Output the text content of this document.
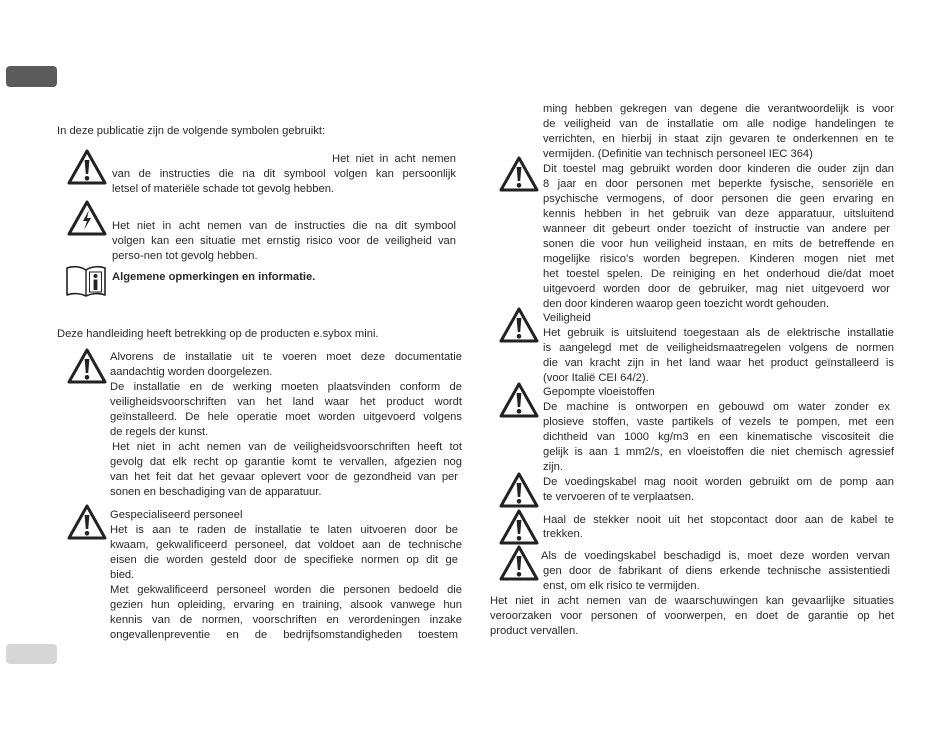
In deze publicatie zijn de volgende symbolen gebruikt:

Het niet in acht nemen

van de instructies die na dit symbool volgen kan persoonlijk

letsel of materiële schade tot gevolg hebben.

Het niet in acht nemen van de instructies die na dit symbool

volgen kan een situatie met ernstig risico voor de veiligheid van

perso-nen tot gevolg hebben.

Algemene opmerkingen en informatie.

Deze handleiding heeft betrekking op de producten e.sybox mini.

Alvorens de installatie uit te voeren moet deze documentatie

aandachtig worden doorgelezen.

De installatie en de werking moeten plaatsvinden conform de

veiligheidsvoorschriften van het land waar het product wordt

geïnstalleerd. De hele operatie moet worden uitgevoerd volgens

de regels der kunst.

Het niet in acht nemen van de veiligheidsvoorschriften heeft tot

gevolg dat elk recht op garantie komt te vervallen, afgezien nog

van het feit dat het gevaar oplevert voor de gezondheid van per

sonen en beschadiging van de apparatuur.

Gespecialiseerd personeel

Het is aan te raden de installatie te laten uitvoeren door be

kwaam, gekwalificeerd personeel, dat voldoet aan de technische

eisen die worden gesteld door de specifieke normen op dit ge

bied.

Met gekwalificeerd personeel worden die personen bedoeld die

gezien hun opleiding, ervaring en training, alsook vanwege hun

kennis van de normen, voorschriften en verordeningen inzake

ongevallenpreventie en de bedrijfsomstandigheden toestem

ming hebben gekregen van degene die verantwoordelijk is voor

de veiligheid van de installatie om alle nodige handelingen te

verrichten, en hierbij in staat zijn gevaren te onderkennen en te

vermijden. (Definitie van technisch personeel IEC 364)

Dit toestel mag gebruikt worden door kinderen die ouder zijn dan

8 jaar en door personen met beperkte fysische, sensoriële en

psychische vermogens, of door personen die geen ervaring en

kennis hebben in het gebruik van deze apparatuur, uitsluitend

wanneer dit gebeurt onder toezicht of instructie van andere per

sonen die voor hun veiligheid instaan, en mits de betreffende en

mogelijke risico’s worden begrepen. Kinderen mogen niet met

het toestel spelen. De reiniging en het onderhoud die/dat moet

uitgevoerd worden door de gebruiker, mag niet uitgevoerd wor

den door kinderen waarop geen toezicht wordt gehouden.

Veiligheid

Het gebruik is uitsluitend toegestaan als de elektrische installatie

is aangelegd met de veiligheidsmaatregelen volgens de normen

die van kracht zijn in het land waar het product geïnstalleerd is

(voor Italië CEI 64/2).

Gepompte vloeistoffen

De machine is ontworpen en gebouwd om water zonder ex

plosieve stoffen, vaste partikels of vezels te pompen, met een

dichtheid van 1000 kg/m3 en een kinematische viscositeit die

gelijk is aan 1 mm2/s, en vloeistoffen die niet chemisch agressief

zijn.

De voedingskabel mag nooit worden gebruikt om de pomp aan

te vervoeren of te verplaatsen.

Haal de stekker nooit uit het stopcontact door aan de kabel te

trekken.

Als de voedingskabel beschadigd is, moet deze worden vervan

gen door de fabrikant of diens erkende technische assistentiedi

enst, om elk risico te vermijden.

Het niet in acht nemen van de waarschuwingen kan gevaarlijke situaties

veroorzaken voor personen of voorwerpen, en doet de garantie op het

product vervallen.
